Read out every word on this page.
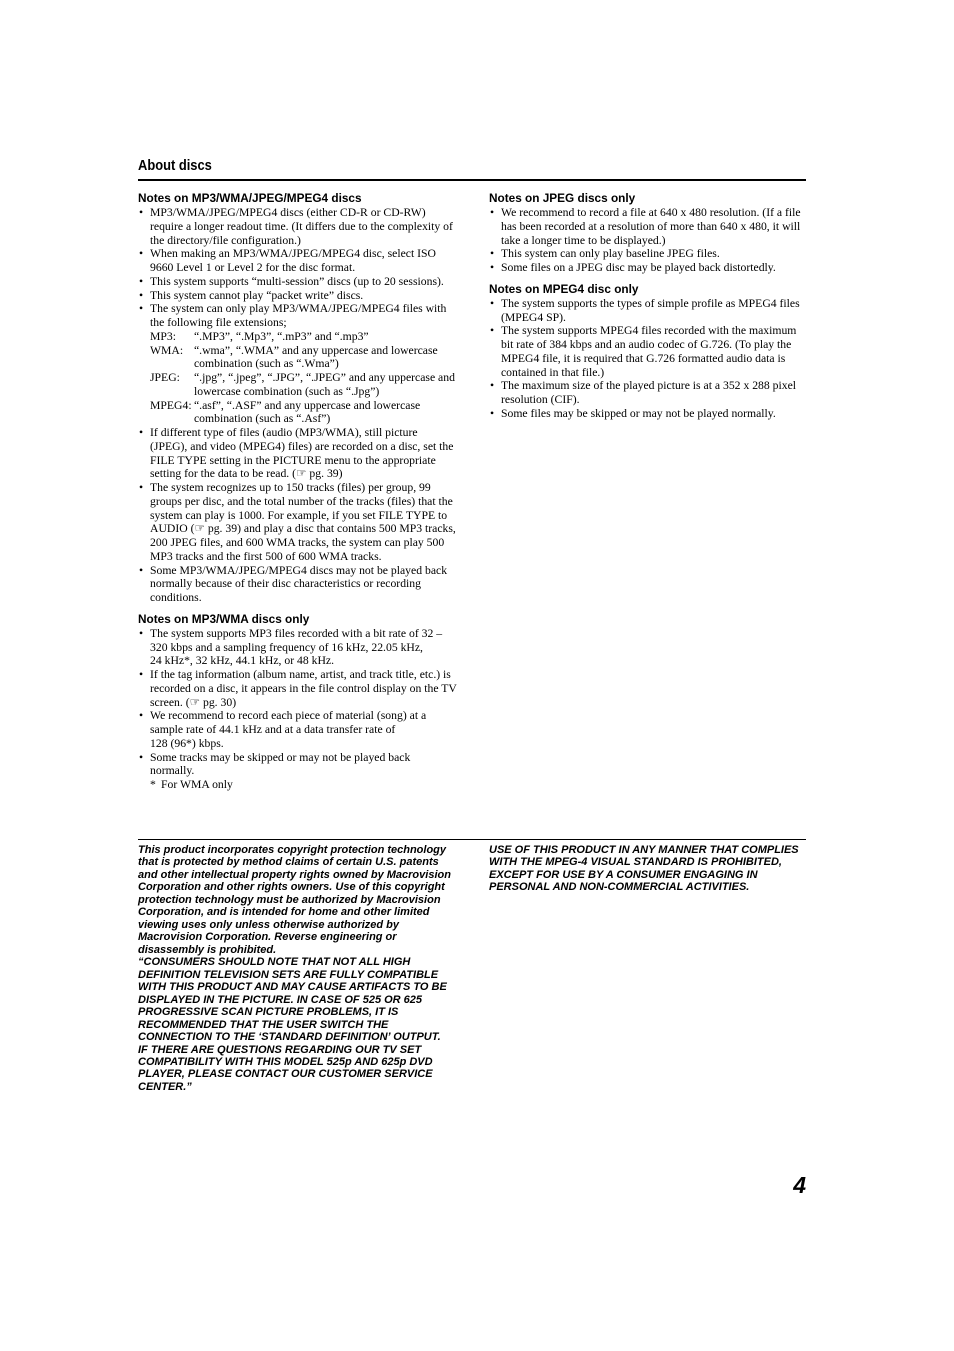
About discs
Notes on MP3/WMA/JPEG/MPEG4 discs
• MP3/WMA/JPEG/MPEG4 discs (either CD-R or CD-RW)
require a longer readout time. (It differs due to the complexity of
the directory/file configuration.)
• When making an MP3/WMA/JPEG/MPEG4 disc, select ISO
9660 Level 1 or Level 2 for the disc format.
• This system supports “multi-session” discs (up to 20 sessions).
• This system cannot play “packet write” discs.
• The system can only play MP3/WMA/JPEG/MPEG4 files with
the following file extensions;
MP3:	“.MP3”, “.Mp3”, “.mP3” and “.mp3”
WMA: “.wma”, “.WMA” and any uppercase and lowercase
combination (such as “.Wma”)
JPEG:	“.jpg”, “.jpeg”, “.JPG”, “.JPEG” and any uppercase and
lowercase combination (such as “.Jpg”)
MPEG4: “.asf”, “.ASF” and any uppercase and lowercase
combination (such as “.Asf”)
• If different type of files (audio (MP3/WMA), still picture
(JPEG), and video (MPEG4) files) are recorded on a disc, set the
FILE TYPE setting in the PICTURE menu to the appropriate
setting for the data to be read. (☞ pg. 39)
• The system recognizes up to 150 tracks (files) per group, 99
groups per disc, and the total number of the tracks (files) that the
system can play is 1000. For example, if you set FILE TYPE to
AUDIO (☞ pg. 39) and play a disc that contains 500 MP3 tracks,
200 JPEG files, and 600 WMA tracks, the system can play 500
MP3 tracks and the first 500 of 600 WMA tracks.
• Some MP3/WMA/JPEG/MPEG4 discs may not be played back
normally because of their disc characteristics or recording
conditions.
Notes on MP3/WMA discs only
• The system supports MP3 files recorded with a bit rate of 32 –
320 kbps and a sampling frequency of 16 kHz, 22.05 kHz,
24 kHz*, 32 kHz, 44.1 kHz, or 48 kHz.
• If the tag information (album name, artist, and track title, etc.) is
recorded on a disc, it appears in the file control display on the TV
screen. (☞ pg. 30)
• We recommend to record each piece of material (song) at a
sample rate of 44.1 kHz and at a data transfer rate of
128 (96*) kbps.
• Some tracks may be skipped or may not be played back
normally.
* For WMA only
Notes on JPEG discs only
• We recommend to record a file at 640 x 480 resolution. (If a file
has been recorded at a resolution of more than 640 x 480, it will
take a longer time to be displayed.)
• This system can only play baseline JPEG files.
• Some files on a JPEG disc may be played back distortedly.
Notes on MPEG4 disc only
• The system supports the types of simple profile as MPEG4 files
(MPEG4 SP).
• The system supports MPEG4 files recorded with the maximum
bit rate of 384 kbps and an audio codec of G.726. (To play the
MPEG4 file, it is required that G.726 formatted audio data is
contained in that file.)
• The maximum size of the played picture is at a 352 x 288 pixel
resolution (CIF).
• Some files may be skipped or may not be played normally.
This product incorporates copyright protection technology
that is protected by method claims of certain U.S. patents
and other intellectual property rights owned by Macrovision
Corporation and other rights owners. Use of this copyright
protection technology must be authorized by Macrovision
Corporation, and is intended for home and other limited
viewing uses only unless otherwise authorized by
Macrovision Corporation. Reverse engineering or
disassembly is prohibited.
“CONSUMERS SHOULD NOTE THAT NOT ALL HIGH
DEFINITION TELEVISION SETS ARE FULLY COMPATIBLE
WITH THIS PRODUCT AND MAY CAUSE ARTIFACTS TO BE
DISPLAYED IN THE PICTURE. IN CASE OF 525 OR 625
PROGRESSIVE SCAN PICTURE PROBLEMS, IT IS
RECOMMENDED THAT THE USER SWITCH THE
CONNECTION TO THE ‘STANDARD DEFINITION’ OUTPUT.
IF THERE ARE QUESTIONS REGARDING OUR TV SET
COMPATIBILITY WITH THIS MODEL 525p AND 625p DVD
PLAYER, PLEASE CONTACT OUR CUSTOMER SERVICE
CENTER.”
USE OF THIS PRODUCT IN ANY MANNER THAT COMPLIES
WITH THE MPEG-4 VISUAL STANDARD IS PROHIBITED,
EXCEPT FOR USE BY A CONSUMER ENGAGING IN
PERSONAL AND NON-COMMERCIAL ACTIVITIES.
4
